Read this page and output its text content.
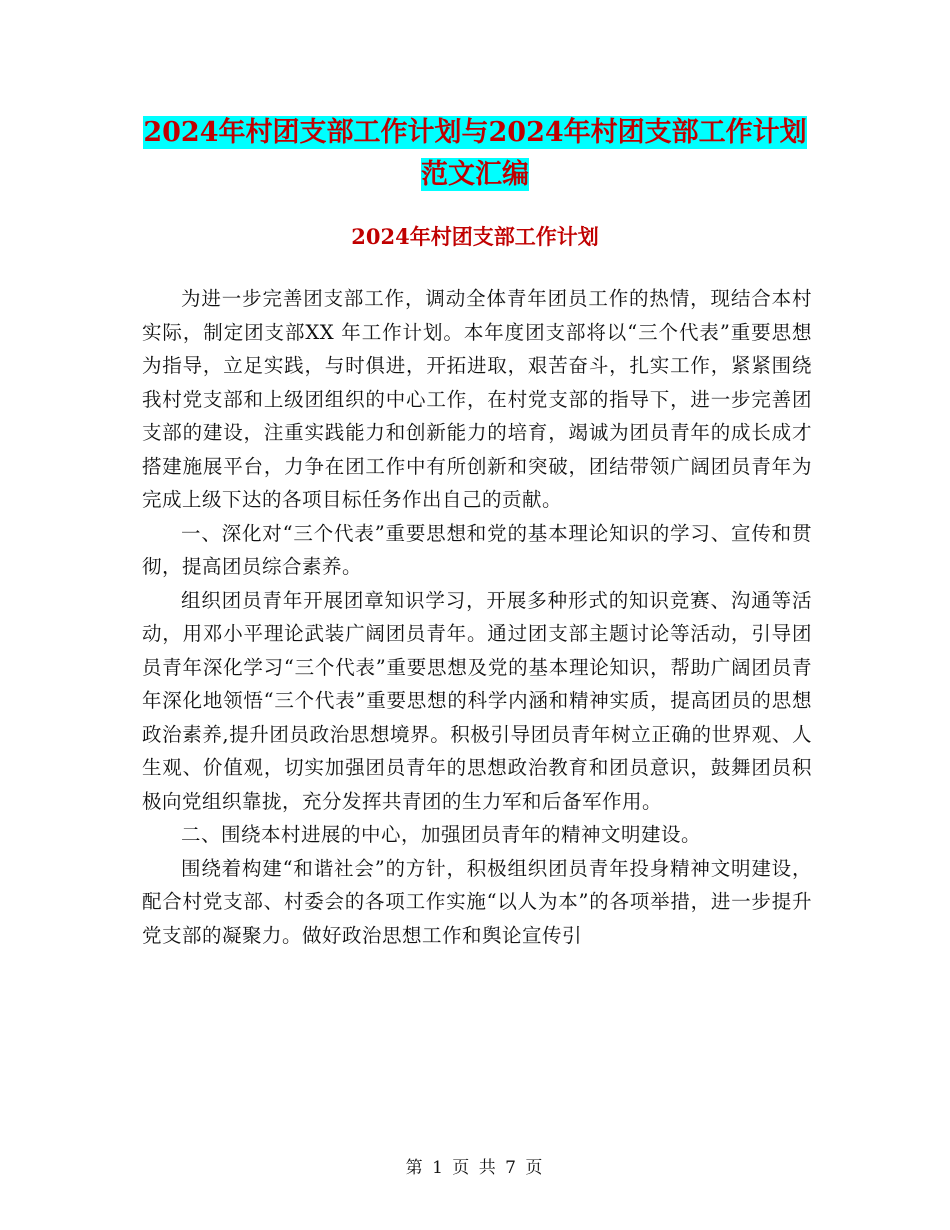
2024年村团支部工作计划与2024年村团支部工作计划
范文汇编
2024年村团支部工作计划

为进一步完善团支部工作，调动全体青年团员工作的热情，现结合本村实际，制定团支部XX 年工作计划。本年度团支部将以“三个代表”重要思想为指导，立足实践，与时俱进，开拓进取，艰苦奋斗，扎实工作，紧紧围绕我村党支部和上级团组织的中心工作，在村党支部的指导下，进一步完善团支部的建设，注重实践能力和创新能力的培育，竭诚为团员青年的成长成才搭建施展平台，力争在团工作中有所创新和突破，团结带领广阔团员青年为完成上级下达的各项目标任务作出自己的贡献。

一、深化对“三个代表”重要思想和党的基本理论知识的学习、宣传和贯彻，提高团员综合素养。

组织团员青年开展团章知识学习，开展多种形式的知识竞赛、沟通等活动，用邓小平理论武装广阔团员青年。通过团支部主题讨论等活动，引导团员青年深化学习“三个代表”重要思想及党的基本理论知识，帮助广阔团员青年深化地领悟“三个代表”重要思想的科学内涵和精神实质，提高团员的思想政治素养,提升团员政治思想境界。积极引导团员青年树立正确的世界观、人生观、价值观，切实加强团员青年的思想政治教育和团员意识，鼓舞团员积极向党组织靠拢，充分发挥共青团的生力军和后备军作用。

二、围绕本村进展的中心，加强团员青年的精神文明建设。

围绕着构建“和谐社会”的方针，积极组织团员青年投身精神文明建设，配合村党支部、村委会的各项工作实施“以人为本”的各项举措，进一步提升党支部的凝聚力。做好政治思想工作和舆论宣传引

第 1 页 共 7 页
